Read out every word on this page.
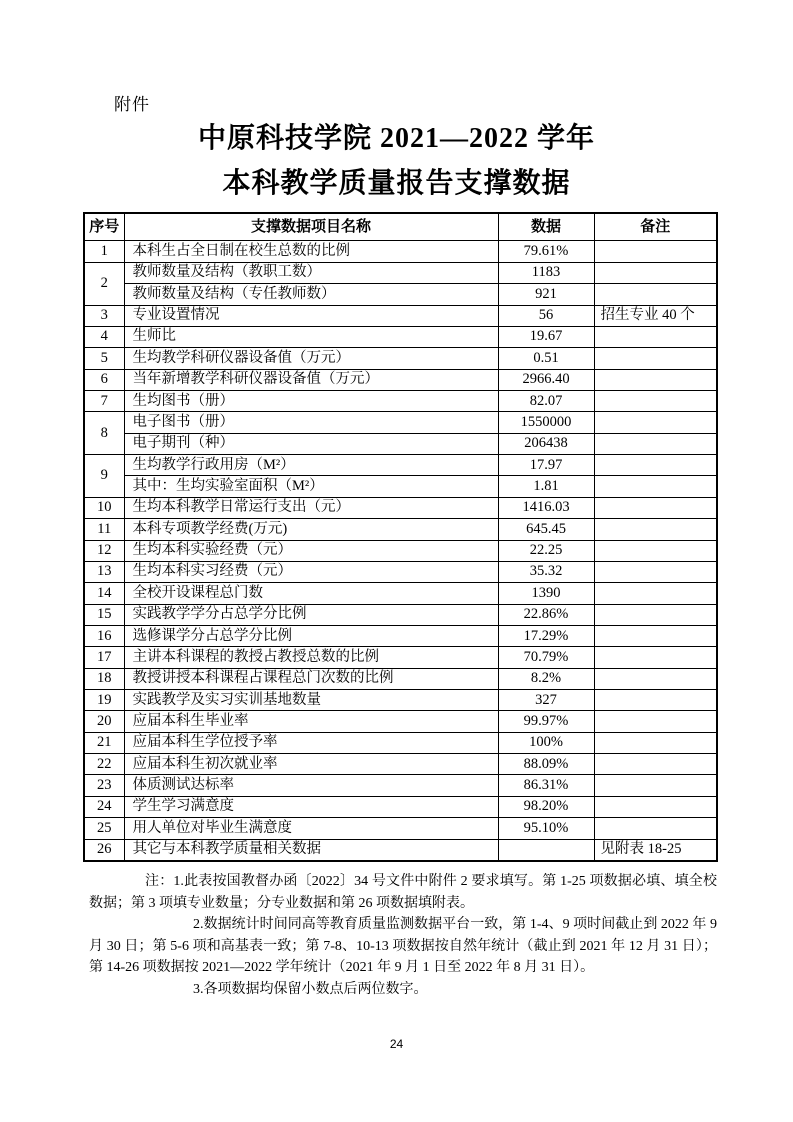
附件
中原科技学院 2021—2022 学年
本科教学质量报告支撑数据
序号	支撑数据项目名称	数据	备注
1	本科生占全日制在校生总数的比例	79.61%	
2	教师数量及结构（教职工数）	1183	
	教师数量及结构（专任教师数）	921	
3	专业设置情况	56	招生专业 40 个
4	生师比	19.67	
5	生均教学科研仪器设备值（万元）	0.51	
6	当年新增教学科研仪器设备值（万元）	2966.40	
7	生均图书（册）	82.07	
8	电子图书（册）	1550000	
	电子期刊（种）	206438	
9	生均教学行政用房（M²）	17.97	
	其中：生均实验室面积（M²）	1.81	
10	生均本科教学日常运行支出（元）	1416.03	
11	本科专项教学经费(万元)	645.45	
12	生均本科实验经费（元）	22.25	
13	生均本科实习经费（元）	35.32	
14	全校开设课程总门数	1390	
15	实践教学学分占总学分比例	22.86%	
16	选修课学分占总学分比例	17.29%	
17	主讲本科课程的教授占教授总数的比例	70.79%	
18	教授讲授本科课程占课程总门次数的比例	8.2%	
19	实践教学及实习实训基地数量	327	
20	应届本科生毕业率	99.97%	
21	应届本科生学位授予率	100%	
22	应届本科生初次就业率	88.09%	
23	体质测试达标率	86.31%	
24	学生学习满意度	98.20%	
25	用人单位对毕业生满意度	95.10%	
26	其它与本科教学质量相关数据		见附表 18-25

注：1.此表按国教督办函〔2022〕34 号文件中附件 2 要求填写。第 1-25 项数据必填、填全校数据；第 3 项填专业数量；分专业数据和第 26 项数据填附表。

2.数据统计时间同高等教育质量监测数据平台一致，第 1-4、9 项时间截止到 2022 年 9 月 30 日；第 5-6 项和高基表一致；第 7-8、10-13 项数据按自然年统计（截止到 2021 年 12 月 31 日）；第 14-26 项数据按 2021—2022 学年统计（2021 年 9 月 1 日至 2022 年 8 月 31 日）。

3.各项数据均保留小数点后两位数字。

24
